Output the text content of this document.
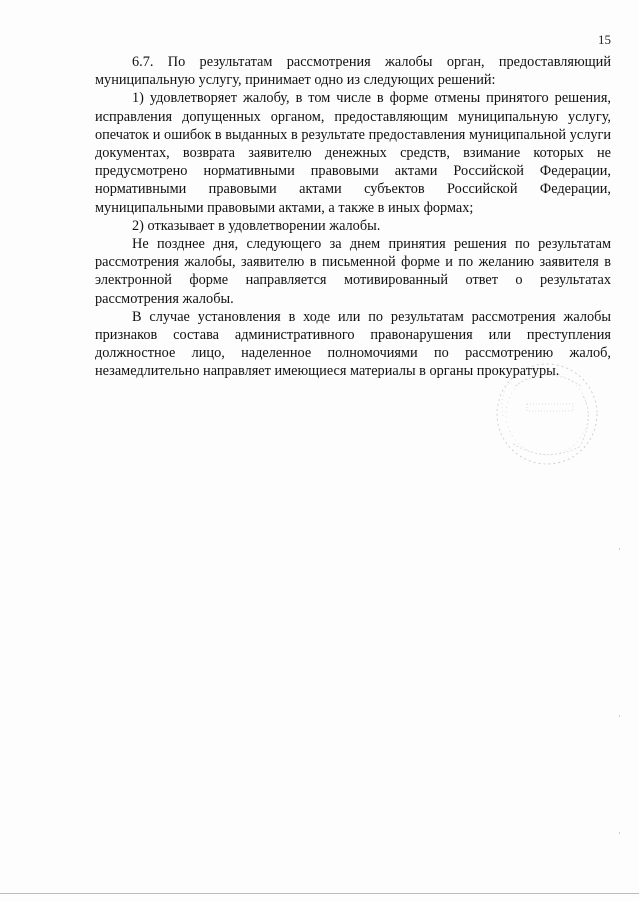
15

6.7. По результатам рассмотрения жалобы орган, предоставляющий муниципальную услугу, принимает одно из следующих решений:

1) удовлетворяет жалобу, в том числе в форме отмены принятого решения, исправления допущенных органом, предоставляющим муниципальную услугу, опечаток и ошибок в выданных в результате предоставления муниципальной услуги документах, возврата заявителю денежных средств, взимание которых не предусмотрено нормативными правовыми актами Российской Федерации, нормативными правовыми актами субъектов Российской Федерации, муниципальными правовыми актами, а также в иных формах;

2) отказывает в удовлетворении жалобы.

Не позднее дня, следующего за днем принятия решения по результатам рассмотрения жалобы, заявителю в письменной форме и по желанию заявителя в электронной форме направляется мотивированный ответ о результатах рассмотрения жалобы.

В случае установления в ходе или по результатам рассмотрения жалобы признаков состава административного правонарушения или преступления должностное лицо, наделенное полномочиями по рассмотрению жалоб, незамедлительно направляет имеющиеся материалы в органы прокуратуры.
